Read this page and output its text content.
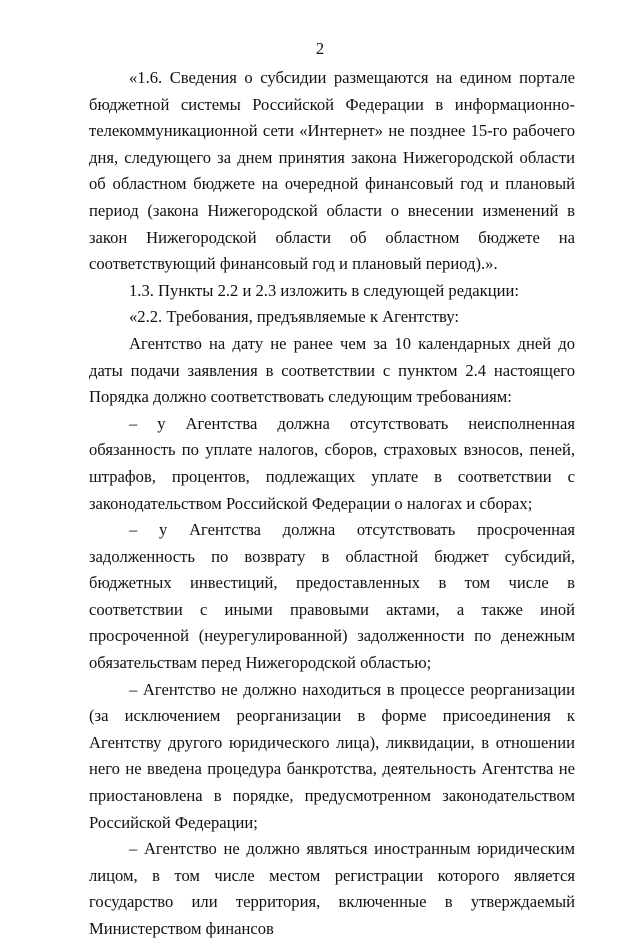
2

«1.6. Сведения о субсидии размещаются на едином портале бюджетной системы Российской Федерации в информационно-телекоммуникационной сети «Интернет» не позднее 15-го рабочего дня, следующего за днем принятия закона Нижегородской области об областном бюджете на очередной финансовый год и плановый период (закона Нижегородской области о внесении изменений в закон Нижегородской области об областном бюджете на соответствующий финансовый год и плановый период).».

1.3. Пункты 2.2 и 2.3 изложить в следующей редакции:

«2.2. Требования, предъявляемые к Агентству:

Агентство на дату не ранее чем за 10 календарных дней до даты подачи заявления в соответствии с пунктом 2.4 настоящего Порядка должно соответствовать следующим требованиям:

– у Агентства должна отсутствовать неисполненная обязанность по уплате налогов, сборов, страховых взносов, пеней, штрафов, процентов, подлежащих уплате в соответствии с законодательством Российской Федерации о налогах и сборах;

– у Агентства должна отсутствовать просроченная задолженность по возврату в областной бюджет субсидий, бюджетных инвестиций, предоставленных в том числе в соответствии с иными правовыми актами, а также иной просроченной (неурегулированной) задолженности по денежным обязательствам перед Нижегородской областью;

– Агентство не должно находиться в процессе реорганизации (за исключением реорганизации в форме присоединения к Агентству другого юридического лица), ликвидации, в отношении него не введена процедура банкротства, деятельность Агентства не приостановлена в порядке, предусмотренном законодательством Российской Федерации;

– Агентство не должно являться иностранным юридическим лицом, в том числе местом регистрации которого является государство или территория, включенные в утверждаемый Министерством финансов
